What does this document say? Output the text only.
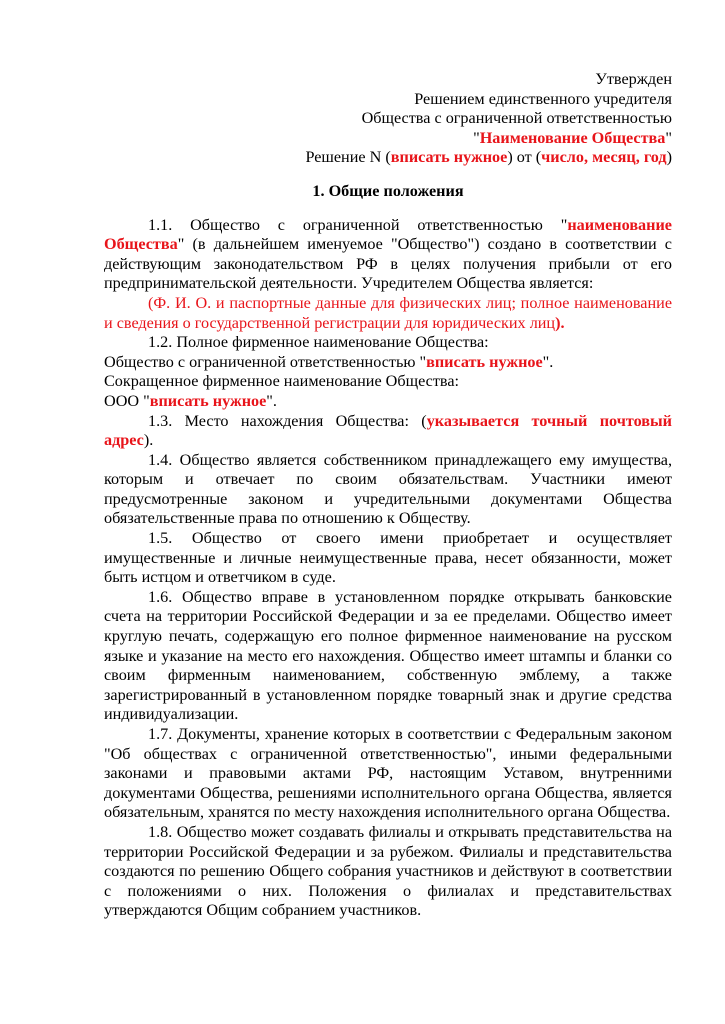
Утвержден

Решением единственного учредителя

Общества с ограниченной ответственностью

"Наименование Общества"

Решение N (вписать нужное) от (число, месяц, год)

1. Общие положения

1.1. Общество с ограниченной ответственностью "наименование Общества" (в дальнейшем именуемое "Общество") создано в соответствии с действующим законодательством РФ в целях получения прибыли от его предпринимательской деятельности. Учредителем Общества является:

(Ф. И. О. и паспортные данные для физических лиц; полное наименование и сведения о государственной регистрации для юридических лиц).

1.2. Полное фирменное наименование Общества:

Общество с ограниченной ответственностью "вписать нужное".

Сокращенное фирменное наименование Общества:

ООО "вписать нужное".

1.3. Место нахождения Общества: (указывается точный почтовый адрес).

1.4. Общество является собственником принадлежащего ему имущества, которым и отвечает по своим обязательствам. Участники имеют предусмотренные законом и учредительными документами Общества обязательственные права по отношению к Обществу.

1.5. Общество от своего имени приобретает и осуществляет имущественные и личные неимущественные права, несет обязанности, может быть истцом и ответчиком в суде.

1.6. Общество вправе в установленном порядке открывать банковские счета на территории Российской Федерации и за ее пределами. Общество имеет круглую печать, содержащую его полное фирменное наименование на русском языке и указание на место его нахождения. Общество имеет штампы и бланки со своим фирменным наименованием, собственную эмблему, а также зарегистрированный в установленном порядке товарный знак и другие средства индивидуализации.

1.7. Документы, хранение которых в соответствии с Федеральным законом "Об обществах с ограниченной ответственностью", иными федеральными законами и правовыми актами РФ, настоящим Уставом, внутренними документами Общества, решениями исполнительного органа Общества, является обязательным, хранятся по месту нахождения исполнительного органа Общества.

1.8. Общество может создавать филиалы и открывать представительства на территории Российской Федерации и за рубежом. Филиалы и представительства создаются по решению Общего собрания участников и действуют в соответствии с положениями о них. Положения о филиалах и представительствах утверждаются Общим собранием участников.
